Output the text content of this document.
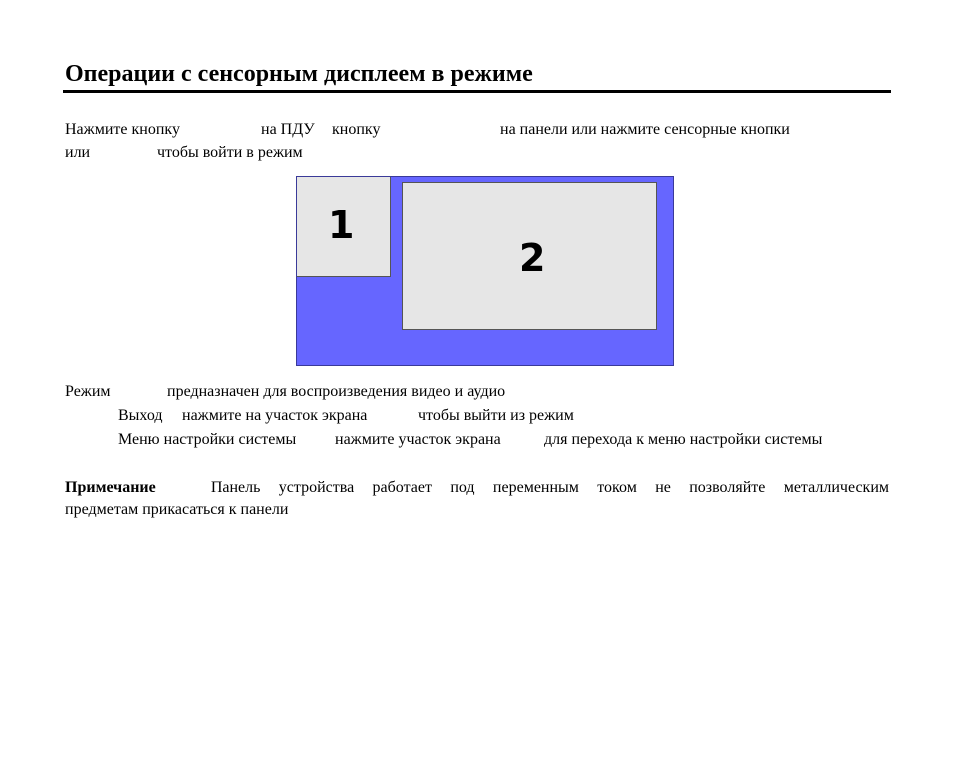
Операции с сенсорным дисплеем в режиме
Нажмите кнопку	на ПДУ кнопку	на панели или нажмите сенсорные кнопки
или	чтобы войти в режим
1
2
Режим	предназначен для воспроизведения видео и аудио
Выход нажмите на участок экрана	чтобы выйти из режим
Меню настройки системы нажмите участок экрана	для перехода к меню настройки системы
Примечание	Панель устройства работает под переменным током не позволяйте металлическим
предметам прикасаться к панели
